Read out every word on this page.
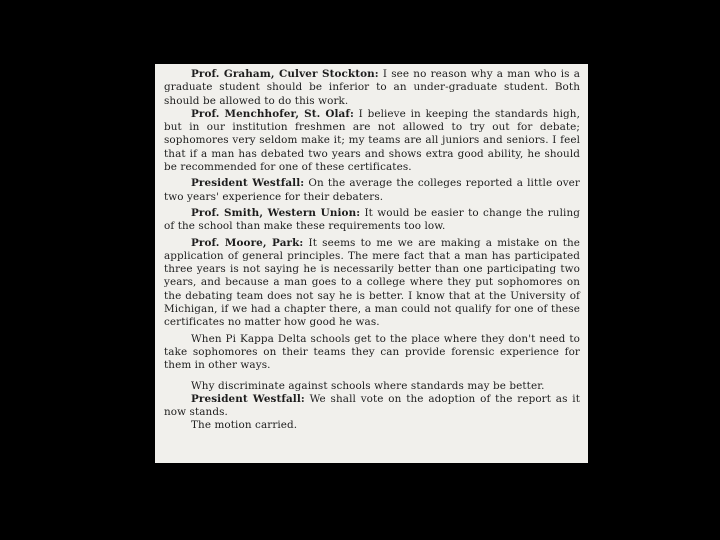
Prof. Graham, Culver Stockton: I see no reason why a man who is a graduate student should be inferior to an under-graduate student. Both should be allowed to do this work.

Prof. Menchhofer, St. Olaf: I believe in keeping the standards high, but in our institution freshmen are not allowed to try out for debate; sophomores very seldom make it; my teams are all juniors and seniors. I feel that if a man has debated two years and shows extra good ability, he should be recommended for one of these certificates.

President Westfall: On the average the colleges reported a little over two years' experience for their debaters.

Prof. Smith, Western Union: It would be easier to change the ruling of the school than make these requirements too low.

Prof. Moore, Park: It seems to me we are making a mistake on the application of general principles. The mere fact that a man has participated three years is not saying he is necessarily better than one participating two years, and because a man goes to a college where they put sophomores on the debating team does not say he is better. I know that at the University of Michigan, if we had a chapter there, a man could not qualify for one of these certificates no matter how good he was.

When Pi Kappa Delta schools get to the place where they don't need to take sophomores on their teams they can provide forensic experience for them in other ways.

Why discriminate against schools where standards may be better.

President Westfall: We shall vote on the adoption of the report as it now stands.

The motion carried.
